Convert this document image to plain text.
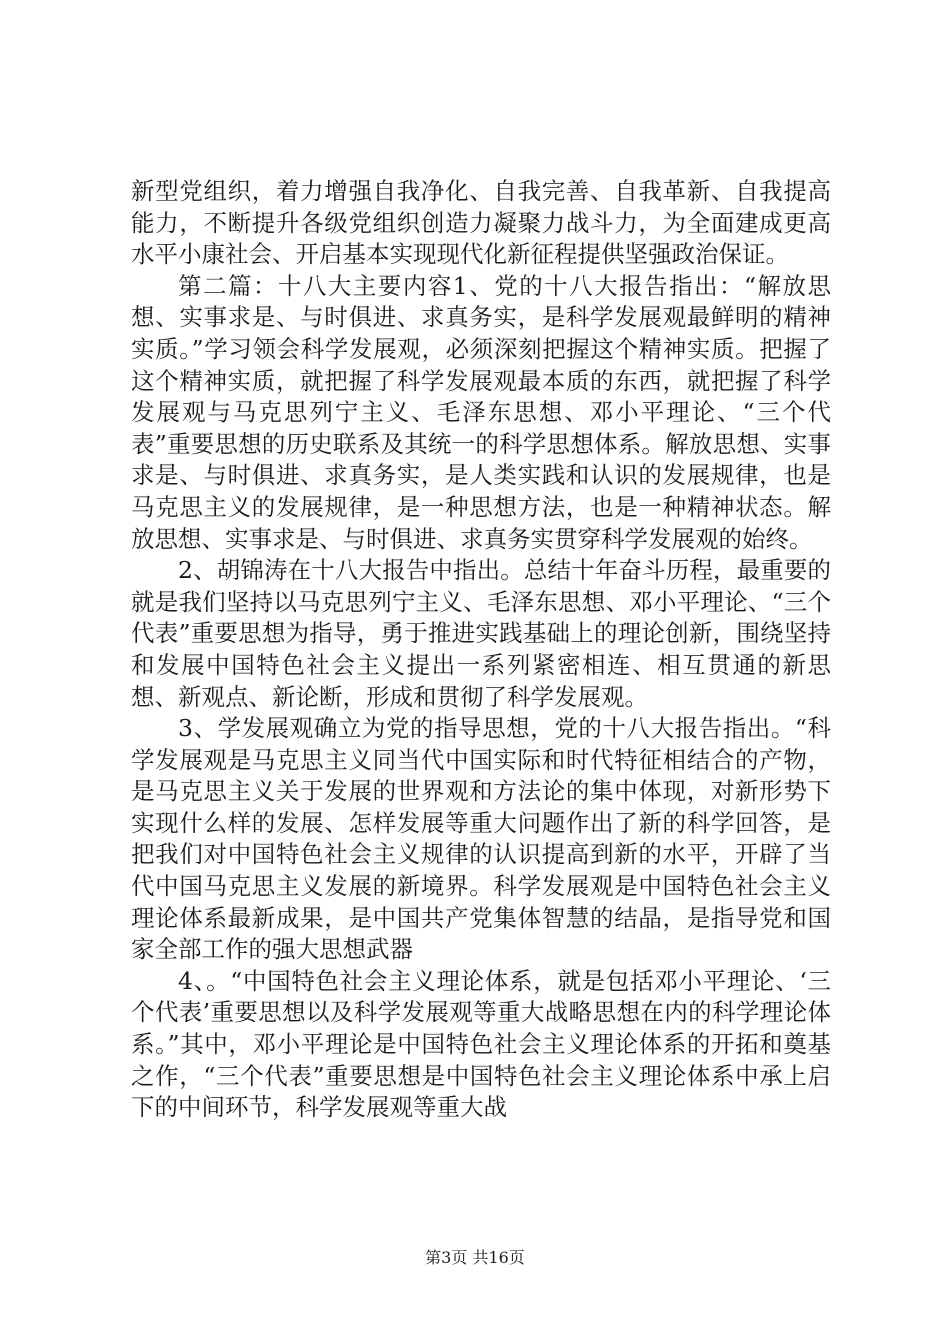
新型党组织，着力增强自我净化、自我完善、自我革新、自我提高能力，不断提升各级党组织创造力凝聚力战斗力，为全面建成更高水平小康社会、开启基本实现现代化新征程提供坚强政治保证。

第二篇：十八大主要内容1、党的十八大报告指出：“解放思想、实事求是、与时俱进、求真务实，是科学发展观最鲜明的精神实质。”学习领会科学发展观，必须深刻把握这个精神实质。把握了这个精神实质，就把握了科学发展观最本质的东西，就把握了科学发展观与马克思列宁主义、毛泽东思想、邓小平理论、“三个代表”重要思想的历史联系及其统一的科学思想体系。解放思想、实事求是、与时俱进、求真务实，是人类实践和认识的发展规律，也是马克思主义的发展规律，是一种思想方法，也是一种精神状态。解放思想、实事求是、与时俱进、求真务实贯穿科学发展观的始终。

2、胡锦涛在十八大报告中指出。总结十年奋斗历程，最重要的就是我们坚持以马克思列宁主义、毛泽东思想、邓小平理论、“三个代表”重要思想为指导，勇于推进实践基础上的理论创新，围绕坚持和发展中国特色社会主义提出一系列紧密相连、相互贯通的新思想、新观点、新论断，形成和贯彻了科学发展观。

3、学发展观确立为党的指导思想，党的十八大报告指出。“科学发展观是马克思主义同当代中国实际和时代特征相结合的产物，是马克思主义关于发展的世界观和方法论的集中体现，对新形势下实现什么样的发展、怎样发展等重大问题作出了新的科学回答，是把我们对中国特色社会主义规律的认识提高到新的水平，开辟了当代中国马克思主义发展的新境界。科学发展观是中国特色社会主义理论体系最新成果，是中国共产党集体智慧的结晶，是指导党和国家全部工作的强大思想武器

4、。“中国特色社会主义理论体系，就是包括邓小平理论、‘三个代表’重要思想以及科学发展观等重大战略思想在内的科学理论体系。”其中，邓小平理论是中国特色社会主义理论体系的开拓和奠基之作，“三个代表”重要思想是中国特色社会主义理论体系中承上启下的中间环节，科学发展观等重大战

第3页 共16页
